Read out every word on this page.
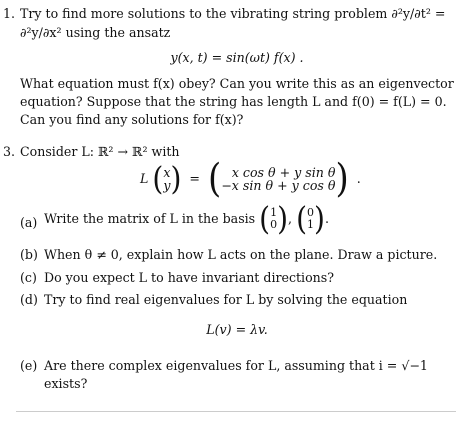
1. Try to find more solutions to the vibrating string problem ∂²y/∂t² =
∂²y/∂x² using the ansatz
y(x, t) = sin(ωt) f(x) .
What equation must f(x) obey? Can you write this as an eigenvector
equation? Suppose that the string has length L and f(0) = f(L) = 0.
Can you find any solutions for f(x)?
3. Consider L: ℝ² → ℝ² with
L (x
y) = ( x cos θ + y sin θ
−x sin θ + y cos θ) .
(a) Write the matrix of L in the basis (1
0), (0
1).
(b) When θ ≠ 0, explain how L acts on the plane. Draw a picture.
(c) Do you expect L to have invariant directions?
(d) Try to find real eigenvalues for L by solving the equation
L(v) = λv.
(e) Are there complex eigenvalues for L, assuming that i = √−1
exists?
